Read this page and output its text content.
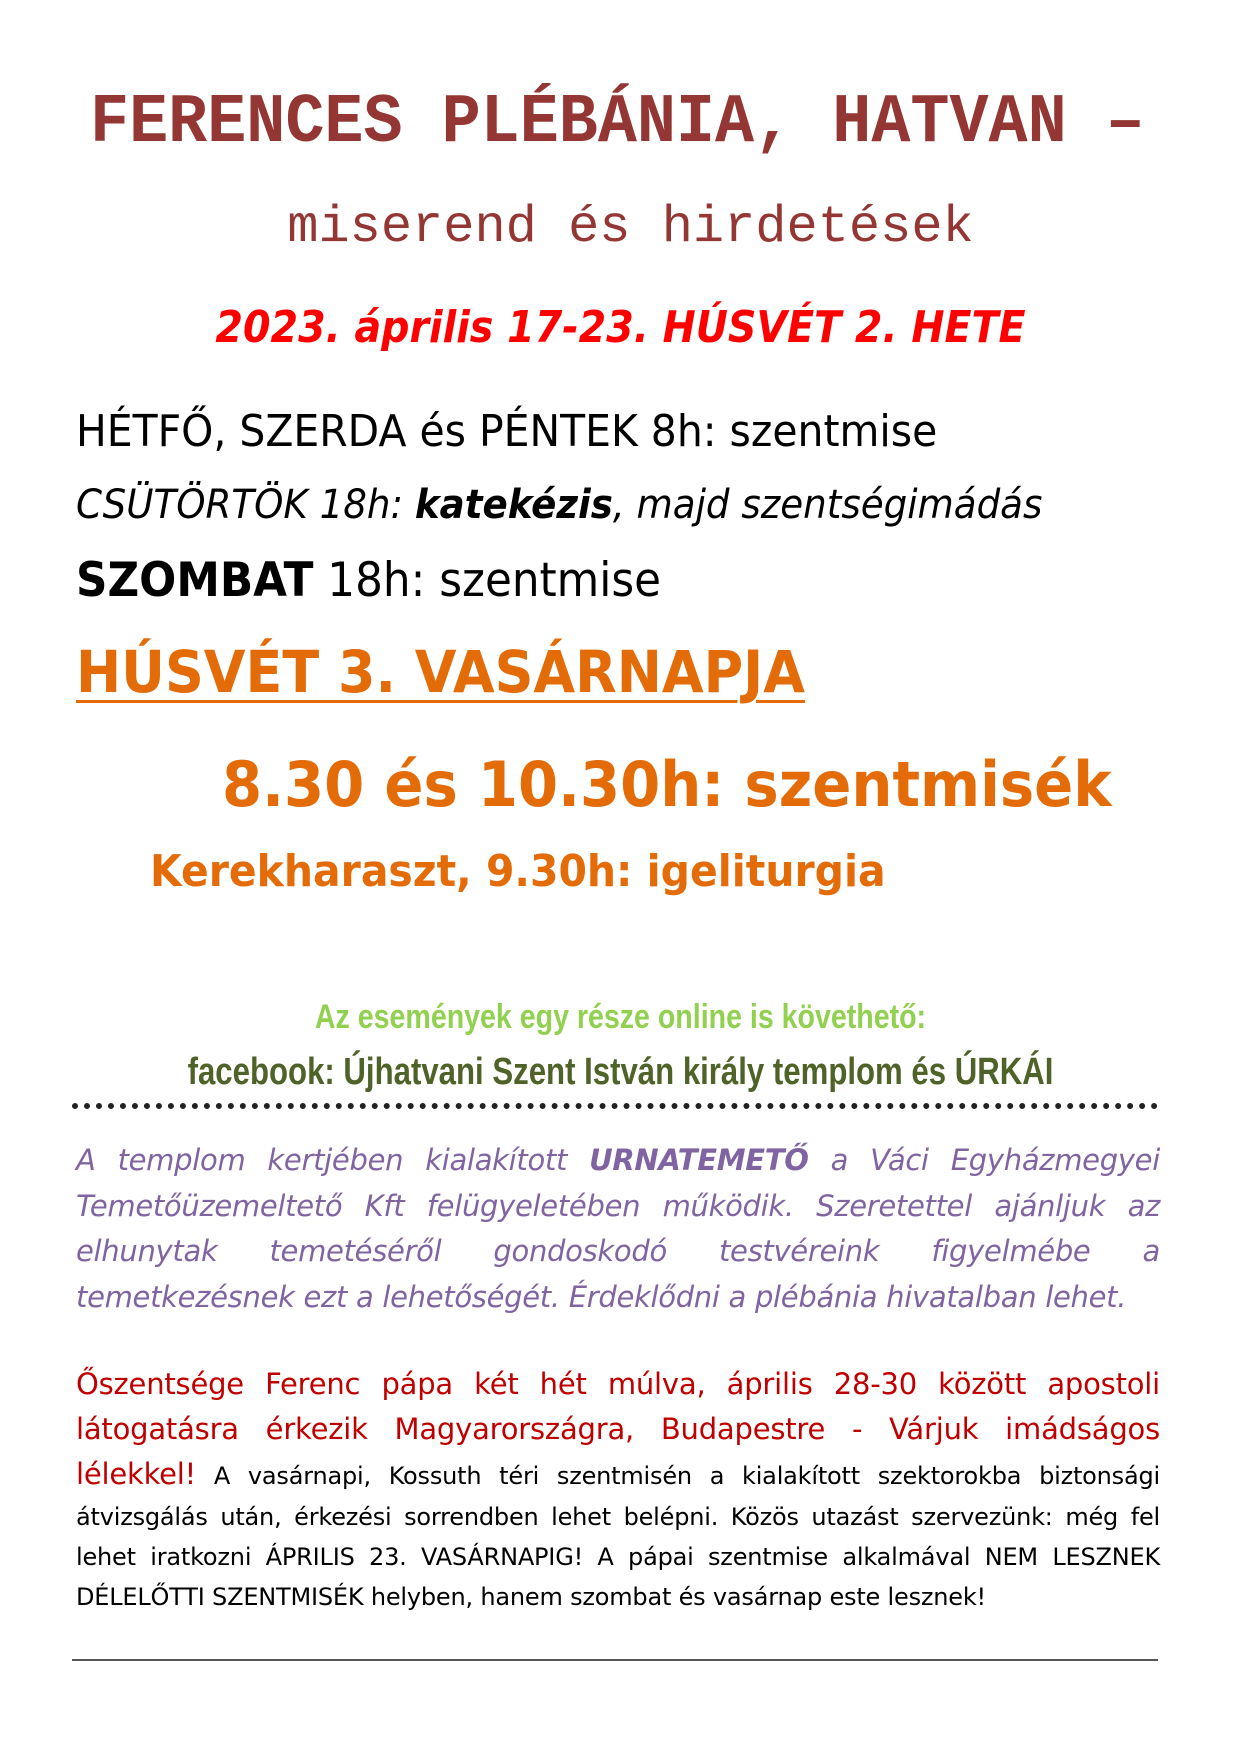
FERENCES PLÉBÁNIA, HATVAN –
miserend és hirdetések
2023. április 17-23. HÚSVÉT 2. HETE
HÉTFŐ, SZERDA és PÉNTEK 8h: szentmise
CSÜTÖRTÖK 18h: katekézis, majd szentségimádás
SZOMBAT 18h: szentmise
HÚSVÉT 3. VASÁRNAPJA
8.30 és 10.30h: szentmisék
Kerekharaszt, 9.30h: igeliturgia
Az események egy része online is követhető:
facebook: Újhatvani Szent István király templom és ÚRKÁI

A templom kertjében kialakított URNATEMETŐ a Váci Egyházmegyei Temetőüzemeltető Kft felügyeletében működik. Szeretettel ajánljuk az elhunytak temetéséről gondoskodó testvéreink figyelmébe a temetkezésnek ezt a lehetőségét. Érdeklődni a plébánia hivatalban lehet.

Őszentsége Ferenc pápa két hét múlva, április 28-30 között apostoli látogatásra érkezik Magyarországra, Budapestre - Várjuk imádságos lélekkel! A vasárnapi, Kossuth téri szentmisén a kialakított szektorokba biztonsági átvizsgálás után, érkezési sorrendben lehet belépni. Közös utazást szervezünk: még fel lehet iratkozni ÁPRILIS 23. VASÁRNAPIG! A pápai szentmise alkalmával NEM LESZNEK DÉLELŐTTI SZENTMISÉK helyben, hanem szombat és vasárnap este lesznek!
